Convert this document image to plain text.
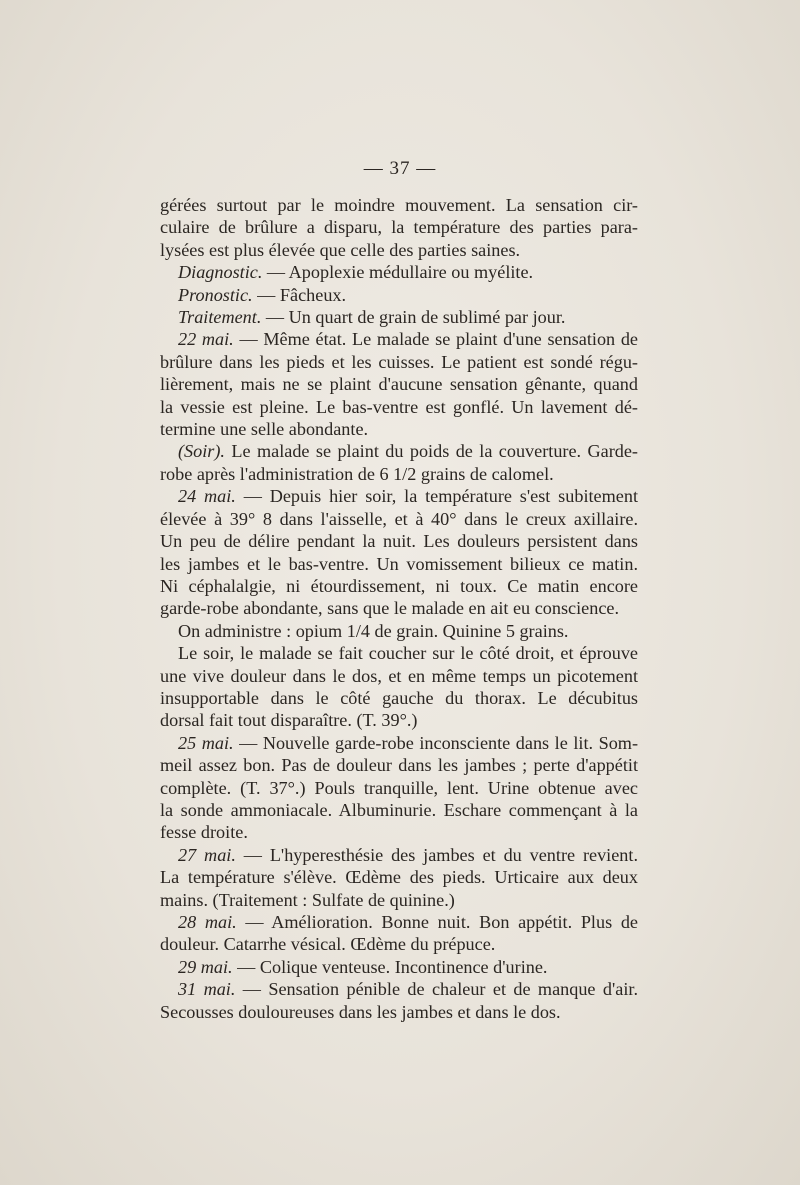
— 37 —
gérées surtout par le moindre mouvement. La sensation cir-
culaire de brûlure a disparu, la température des parties para-
lysées est plus élevée que celle des parties saines.
Diagnostic. — Apoplexie médullaire ou myélite.
Pronostic. — Fâcheux.
Traitement. — Un quart de grain de sublimé par jour.
22 mai. — Même état. Le malade se plaint d'une sensation de
brûlure dans les pieds et les cuisses. Le patient est sondé régu-
lièrement, mais ne se plaint d'aucune sensation gênante, quand
la vessie est pleine. Le bas-ventre est gonflé. Un lavement dé-
termine une selle abondante.
(Soir). Le malade se plaint du poids de la couverture. Garde-
robe après l'administration de 6 1/2 grains de calomel.
24 mai. — Depuis hier soir, la température s'est subitement
élevée à 39° 8 dans l'aisselle, et à 40° dans le creux axillaire.
Un peu de délire pendant la nuit. Les douleurs persistent dans
les jambes et le bas-ventre. Un vomissement bilieux ce matin.
Ni céphalalgie, ni étourdissement, ni toux. Ce matin encore
garde-robe abondante, sans que le malade en ait eu conscience.
On administre : opium 1/4 de grain. Quinine 5 grains.
Le soir, le malade se fait coucher sur le côté droit, et éprouve
une vive douleur dans le dos, et en même temps un picotement
insupportable dans le côté gauche du thorax. Le décubitus
dorsal fait tout disparaître. (T. 39°.)
25 mai. — Nouvelle garde-robe inconsciente dans le lit. Som-
meil assez bon. Pas de douleur dans les jambes ; perte d'appétit
complète. (T. 37°.) Pouls tranquille, lent. Urine obtenue avec
la sonde ammoniacale. Albuminurie. Eschare commençant à la
fesse droite.
27 mai. — L'hyperesthésie des jambes et du ventre revient.
La température s'élève. Œdème des pieds. Urticaire aux deux
mains. (Traitement : Sulfate de quinine.)
28 mai. — Amélioration. Bonne nuit. Bon appétit. Plus de
douleur. Catarrhe vésical. Œdème du prépuce.
29 mai. — Colique venteuse. Incontinence d'urine.
31 mai. — Sensation pénible de chaleur et de manque d'air.
Secousses douloureuses dans les jambes et dans le dos.
